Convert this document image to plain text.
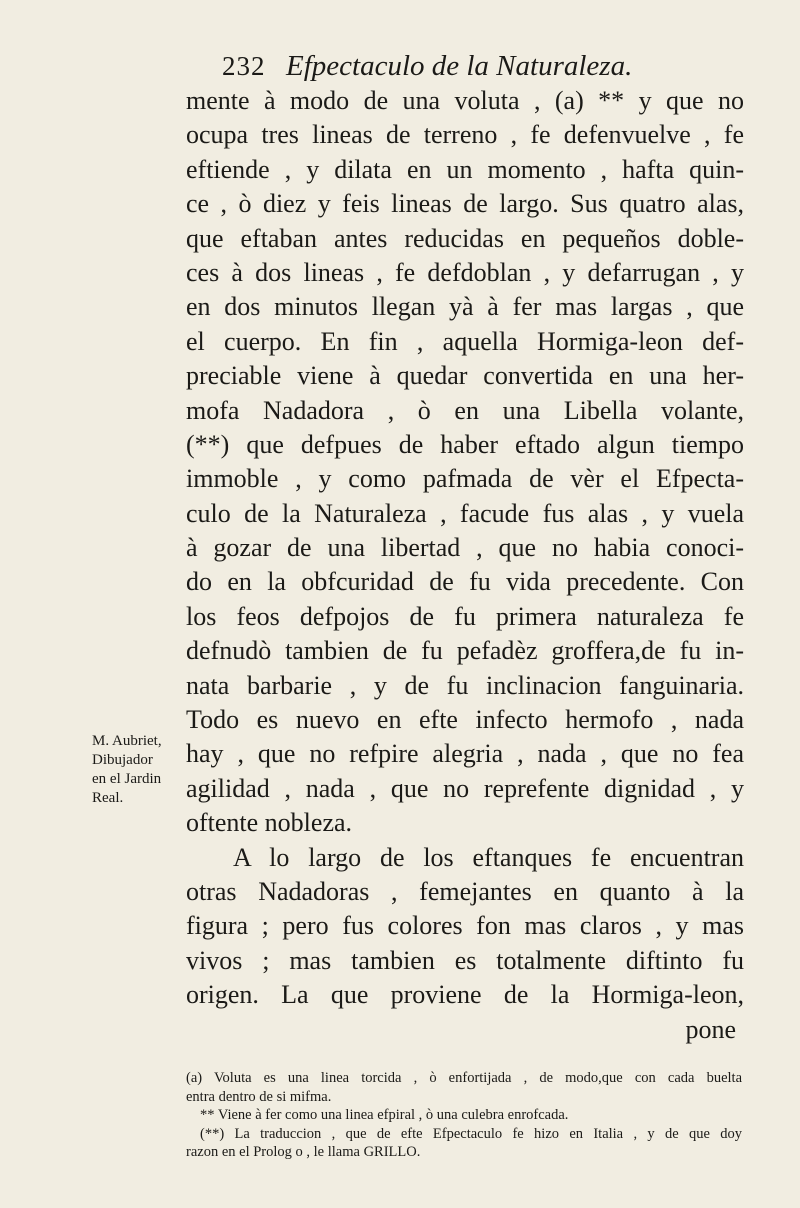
232 Efpectaculo de la Naturaleza.
mente à modo de una voluta , (a) ** y que no
ocupa tres lineas de terreno , fe defenvuelve , fe
eftiende , y dilata en un momento , hafta quin-
ce , ò diez y feis lineas de largo. Sus quatro alas,
que eftaban antes reducidas en pequeños doble-
ces à dos lineas , fe defdoblan , y defarrugan , y
en dos minutos llegan yà à fer mas largas , que
el cuerpo. En fin , aquella Hormiga-leon def-
preciable viene à quedar convertida en una her-
mofa Nadadora , ò en una Libella volante,
(**) que defpues de haber eftado algun tiempo
immoble , y como pafmada de vèr el Efpecta-
culo de la Naturaleza , facude fus alas , y vuela
à gozar de una libertad , que no habia conoci-
do en la obfcuridad de fu vida precedente. Con
los feos defpojos de fu primera naturaleza fe
defnudò tambien de fu pefadèz groffera,de fu in-
nata barbarie , y de fu inclinacion fanguinaria.
Todo es nuevo en efte infecto hermofo , nada
hay , que no refpire alegria , nada , que no fea
agilidad , nada , que no reprefente dignidad , y
oftente nobleza.
A lo largo de los eftanques fe encuentran
otras Nadadoras , femejantes en quanto à la
figura ; pero fus colores fon mas claros , y mas
vivos ; mas tambien es totalmente diftinto fu
origen. La que proviene de la Hormiga-leon,
pone
M. Aubriet,
Dibujador
en el Jardin
Real.
(a) Voluta es una linea torcida , ò enfortijada , de modo,que con cada buelta
entra dentro de si mifma.
** Viene à fer como una linea efpiral , ò una culebra enrofcada.
(**) La traduccion , que de efte Efpectaculo fe hizo en Italia , y de que doy
razon en el Prolog o , le llama GRILLO.
